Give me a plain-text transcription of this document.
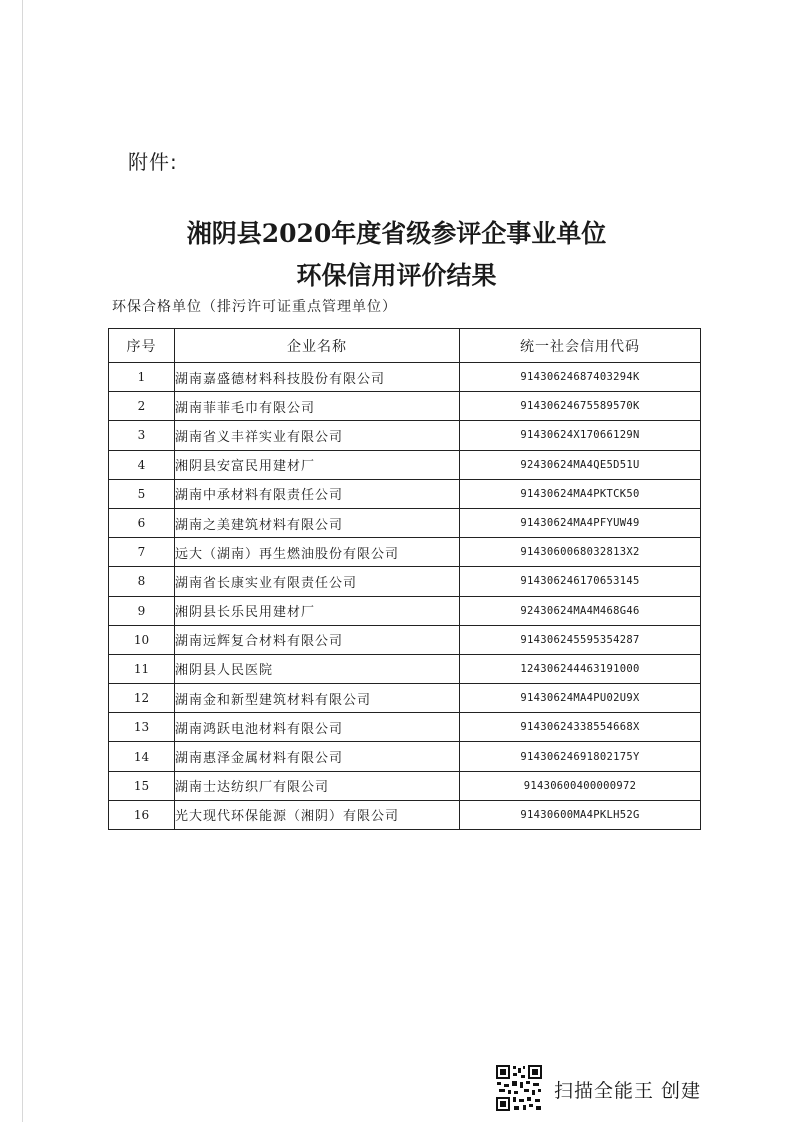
附件:
湘阴县2020年度省级参评企事业单位
环保信用评价结果
环保合格单位（排污许可证重点管理单位）
序号	企业名称	统一社会信用代码
1	湖南嘉盛德材料科技股份有限公司	91430624687403294K
2	湖南菲菲毛巾有限公司	91430624675589570K
3	湖南省义丰祥实业有限公司	91430624X17066129N
4	湘阴县安富民用建材厂	92430624MA4QE5D51U
5	湖南中承材料有限责任公司	91430624MA4PKTCK50
6	湖南之美建筑材料有限公司	91430624MA4PFYUW49
7	远大（湖南）再生燃油股份有限公司	9143060068032813X2
8	湖南省长康实业有限责任公司	914306246170653145
9	湘阴县长乐民用建材厂	92430624MA4M468G46
10	湖南远辉复合材料有限公司	914306245595354287
11	湘阴县人民医院	124306244463191000
12	湖南金和新型建筑材料有限公司	91430624MA4PU02U9X
13	湖南鸿跃电池材料有限公司	91430624338554668X
14	湖南惠泽金属材料有限公司	91430624691802175Y
15	湖南士达纺织厂有限公司	91430600400000972
16	光大现代环保能源（湘阴）有限公司	91430600MA4PKLH52G
扫描全能王 创建
